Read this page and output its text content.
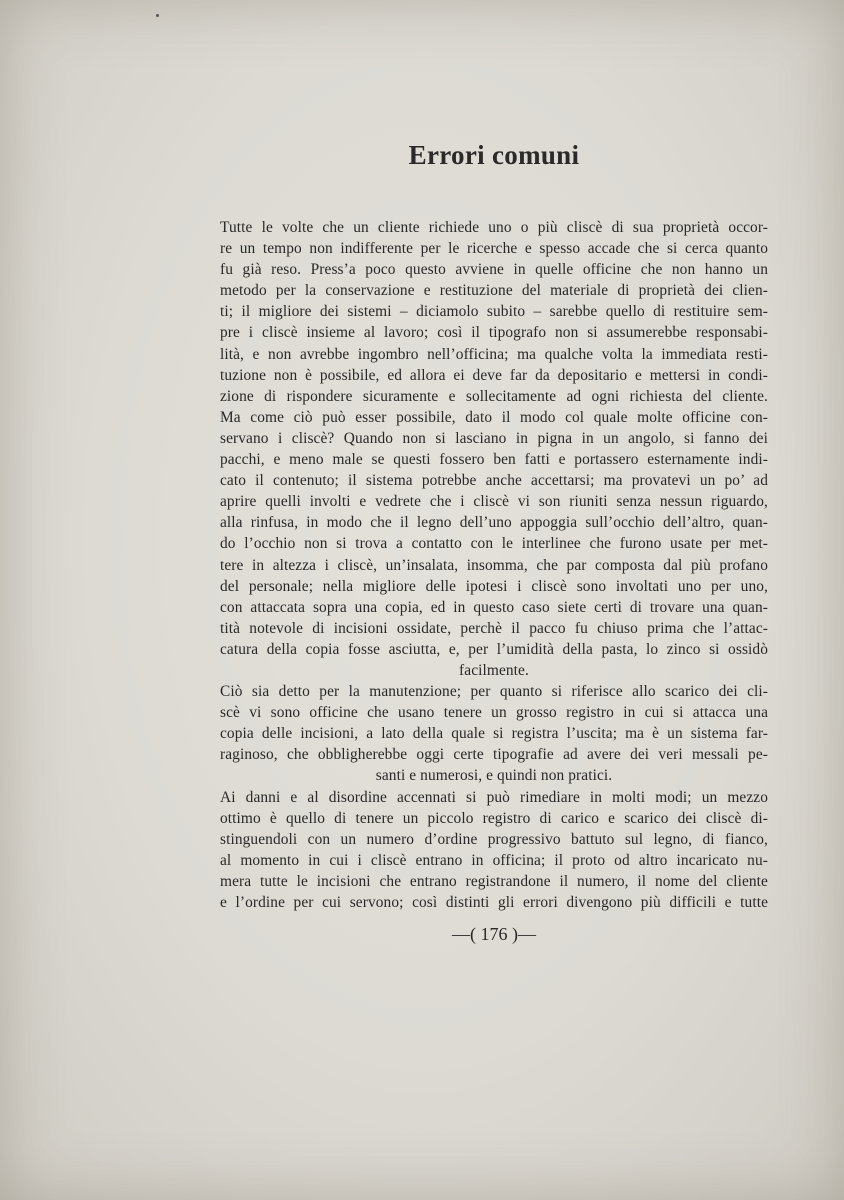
Errori comuni
Tutte le volte che un cliente richiede uno o più cliscè di sua proprietà occor-
re un tempo non indifferente per le ricerche e spesso accade che si cerca quanto
fu già reso. Press’a poco questo avviene in quelle officine che non hanno un
metodo per la conservazione e restituzione del materiale di proprietà dei clien-
ti; il migliore dei sistemi – diciamolo subito – sarebbe quello di restituire sem-
pre i cliscè insieme al lavoro; così il tipografo non si assumerebbe responsabi-
lità, e non avrebbe ingombro nell’officina; ma qualche volta la immediata resti-
tuzione non è possibile, ed allora ei deve far da depositario e mettersi in condi-
zione di rispondere sicuramente e sollecitamente ad ogni richiesta del cliente.
Ma come ciò può esser possibile, dato il modo col quale molte officine con-
servano i cliscè? Quando non si lasciano in pigna in un angolo, si fanno dei
pacchi, e meno male se questi fossero ben fatti e portassero esternamente indi-
cato il contenuto; il sistema potrebbe anche accettarsi; ma provatevi un po’ ad
aprire quelli involti e vedrete che i cliscè vi son riuniti senza nessun riguardo,
alla rinfusa, in modo che il legno dell’uno appoggia sull’occhio dell’altro, quan-
do l’occhio non si trova a contatto con le interlinee che furono usate per met-
tere in altezza i cliscè, un’insalata, insomma, che par composta dal più profano
del personale; nella migliore delle ipotesi i cliscè sono involtati uno per uno,
con attaccata sopra una copia, ed in questo caso siete certi di trovare una quan-
tità notevole di incisioni ossidate, perchè il pacco fu chiuso prima che l’attac-
catura della copia fosse asciutta, e, per l’umidità della pasta, lo zinco si ossidò
facilmente.
Ciò sia detto per la manutenzione; per quanto si riferisce allo scarico dei cli-
scè vi sono officine che usano tenere un grosso registro in cui si attacca una
copia delle incisioni, a lato della quale si registra l’uscita; ma è un sistema far-
raginoso, che obbligherebbe oggi certe tipografie ad avere dei veri messali pe-
santi e numerosi, e quindi non pratici.
Ai danni e al disordine accennati si può rimediare in molti modi; un mezzo
ottimo è quello di tenere un piccolo registro di carico e scarico dei cliscè di-
stinguendoli con un numero d’ordine progressivo battuto sul legno, di fianco,
al momento in cui i cliscè entrano in officina; il proto od altro incaricato nu-
mera tutte le incisioni che entrano registrandone il numero, il nome del cliente
e l’ordine per cui servono; così distinti gli errori divengono più difficili e tutte
—( 176 )—
